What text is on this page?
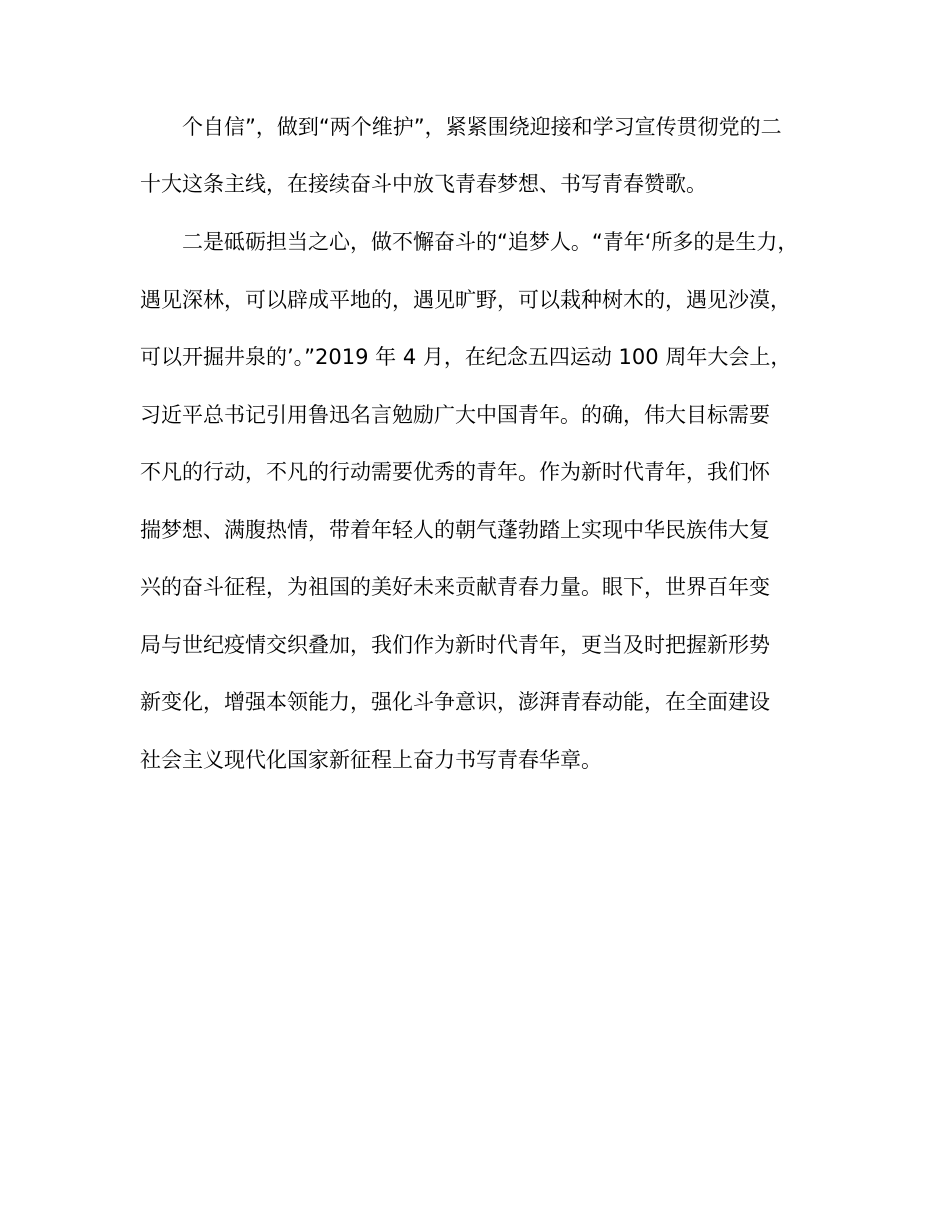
个自信”，做到“两个维护”，紧紧围绕迎接和学习宣传贯彻党的二
十大这条主线，在接续奋斗中放飞青春梦想、书写青春赞歌。
二是砥砺担当之心，做不懈奋斗的“追梦人。“青年‘所多的是生力，
遇见深林，可以辟成平地的，遇见旷野，可以栽种树木的，遇见沙漠，
可以开掘井泉的’。”2019 年 4 月，在纪念五四运动 100 周年大会上，
习近平总书记引用鲁迅名言勉励广大中国青年。的确，伟大目标需要
不凡的行动，不凡的行动需要优秀的青年。作为新时代青年，我们怀
揣梦想、满腹热情，带着年轻人的朝气蓬勃踏上实现中华民族伟大复
兴的奋斗征程，为祖国的美好未来贡献青春力量。眼下，世界百年变
局与世纪疫情交织叠加，我们作为新时代青年，更当及时把握新形势
新变化，增强本领能力，强化斗争意识，澎湃青春动能，在全面建设
社会主义现代化国家新征程上奋力书写青春华章。
